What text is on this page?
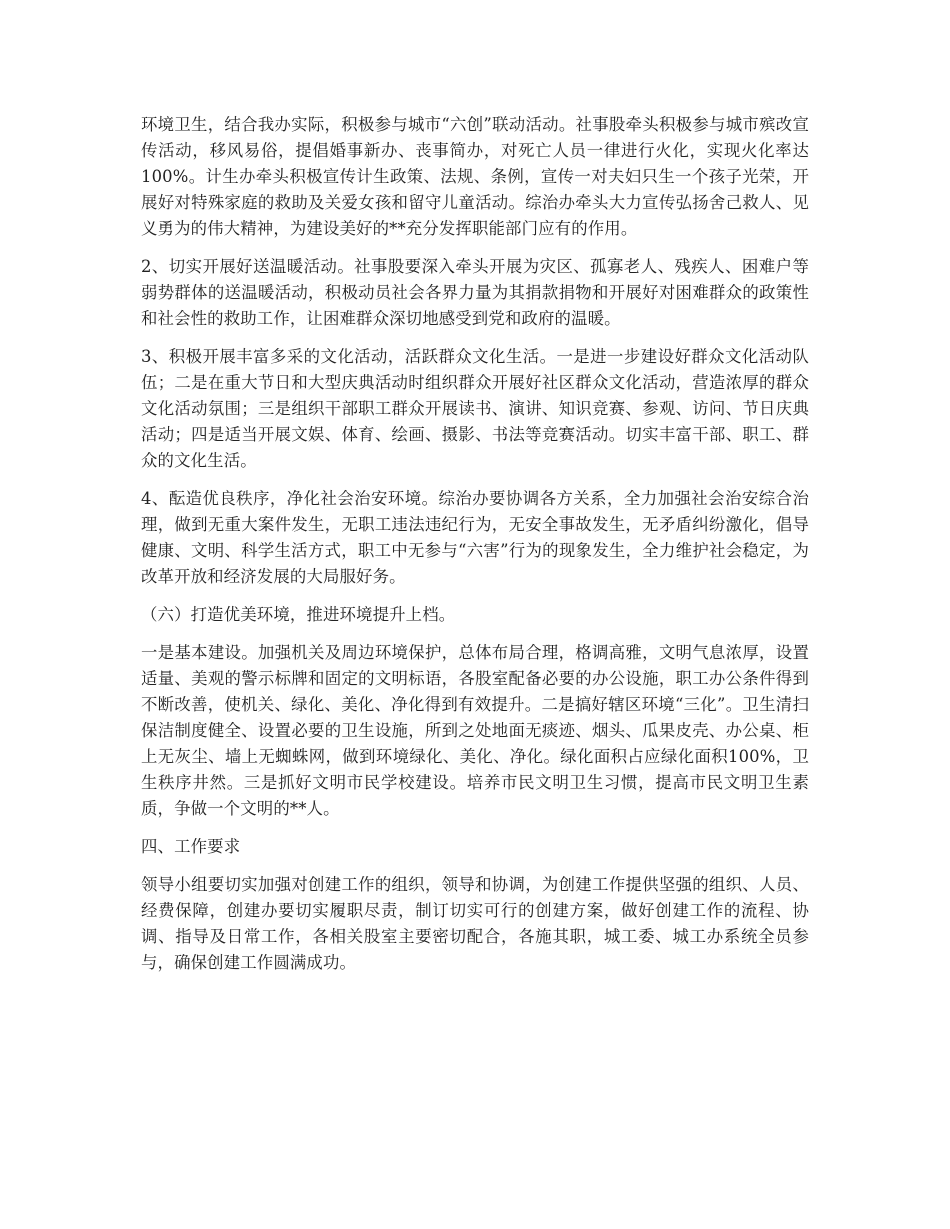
环境卫生，结合我办实际，积极参与城市“六创”联动活动。社事股牵头积极参与城市殡改宣传活动，移风易俗，提倡婚事新办、丧事简办，对死亡人员一律进行火化，实现火化率达100%。计生办牵头积极宣传计生政策、法规、条例，宣传一对夫妇只生一个孩子光荣，开展好对特殊家庭的救助及关爱女孩和留守儿童活动。综治办牵头大力宣传弘扬舍己救人、见义勇为的伟大精神，为建设美好的**充分发挥职能部门应有的作用。

2、切实开展好送温暖活动。社事股要深入牵头开展为灾区、孤寡老人、残疾人、困难户等弱势群体的送温暖活动，积极动员社会各界力量为其捐款捐物和开展好对困难群众的政策性和社会性的救助工作，让困难群众深切地感受到党和政府的温暖。

3、积极开展丰富多采的文化活动，活跃群众文化生活。一是进一步建设好群众文化活动队伍；二是在重大节日和大型庆典活动时组织群众开展好社区群众文化活动，营造浓厚的群众文化活动氛围；三是组织干部职工群众开展读书、演讲、知识竞赛、参观、访问、节日庆典活动；四是适当开展文娱、体育、绘画、摄影、书法等竞赛活动。切实丰富干部、职工、群众的文化生活。

4、酝造优良秩序，净化社会治安环境。综治办要协调各方关系，全力加强社会治安综合治理，做到无重大案件发生，无职工违法违纪行为，无安全事故发生，无矛盾纠纷激化，倡导健康、文明、科学生活方式，职工中无参与“六害”行为的现象发生，全力维护社会稳定，为改革开放和经济发展的大局服好务。

（六）打造优美环境，推进环境提升上档。

一是基本建设。加强机关及周边环境保护，总体布局合理，格调高雅，文明气息浓厚，设置适量、美观的警示标牌和固定的文明标语，各股室配备必要的办公设施，职工办公条件得到不断改善，使机关、绿化、美化、净化得到有效提升。二是搞好辖区环境“三化”。卫生清扫保洁制度健全、设置必要的卫生设施，所到之处地面无痰迹、烟头、瓜果皮壳、办公桌、柜上无灰尘、墙上无蜘蛛网，做到环境绿化、美化、净化。绿化面积占应绿化面积100%，卫生秩序井然。三是抓好文明市民学校建设。培养市民文明卫生习惯，提高市民文明卫生素质，争做一个文明的**人。

四、工作要求

领导小组要切实加强对创建工作的组织，领导和协调，为创建工作提供坚强的组织、人员、经费保障，创建办要切实履职尽责，制订切实可行的创建方案，做好创建工作的流程、协调、指导及日常工作，各相关股室主要密切配合，各施其职，城工委、城工办系统全员参与，确保创建工作圆满成功。
